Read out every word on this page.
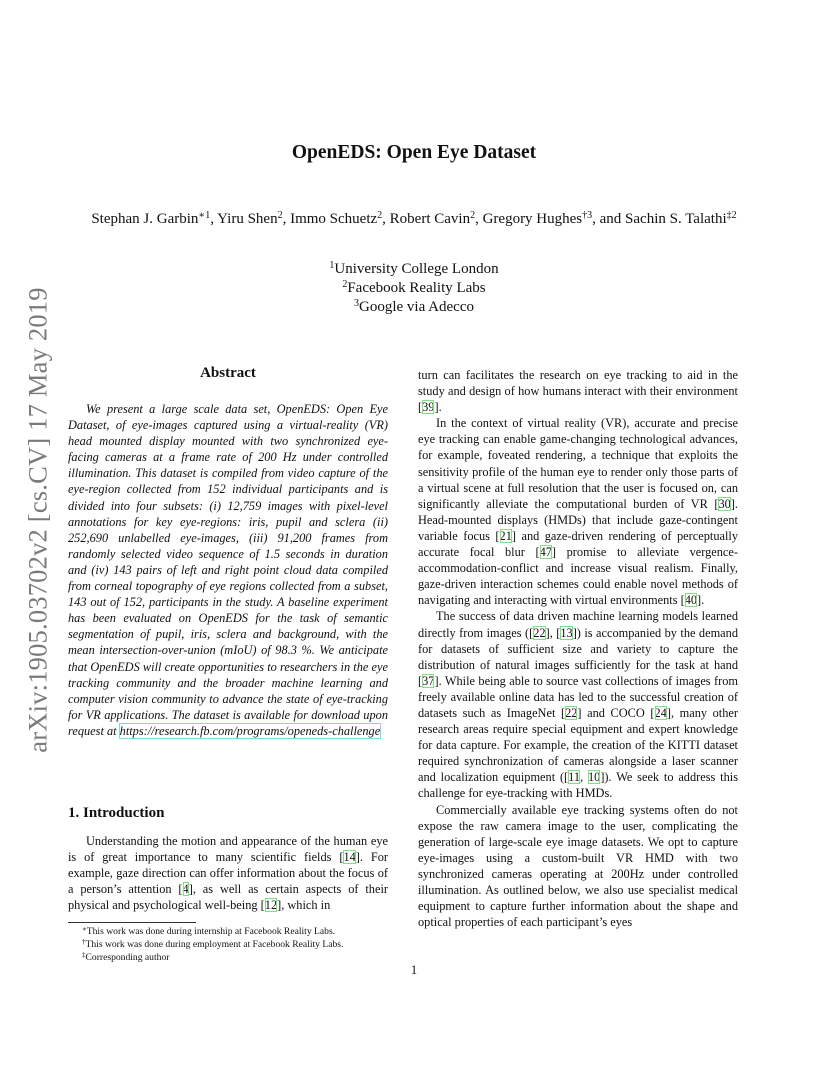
arXiv:1905.03702v2 [cs.CV] 17 May 2019
OpenEDS: Open Eye Dataset

Stephan J. Garbin$^{∗1}$, Yiru Shen$^2$, Immo Schuetz$^2$, Robert Cavin$^2$, Gregory Hughes$^{\dagger 3}$, and Sachin S. Talathi$^{\ddagger 2}$

$^1$University College London
$^2$Facebook Reality Labs
$^3$Google via Adecco
Abstract

We present a large scale data set, OpenEDS: Open Eye Dataset, of eye-images captured using a virtual-reality (VR) head mounted display mounted with two synchronized eye-facing cameras at a frame rate of 200 Hz under controlled illumination. This dataset is compiled from video capture of the eye-region collected from 152 individual participants and is divided into four subsets: (i) 12,759 images with pixel-level annotations for key eye-regions: iris, pupil and sclera (ii) 252,690 unlabelled eye-images, (iii) 91,200 frames from randomly selected video sequence of 1.5 seconds in duration and (iv) 143 pairs of left and right point cloud data compiled from corneal topography of eye regions collected from a subset, 143 out of 152, participants in the study. A baseline experiment has been evaluated on OpenEDS for the task of semantic segmentation of pupil, iris, sclera and background, with the mean intersection-over-union (mIoU) of 98.3 %. We anticipate that OpenEDS will create opportunities to researchers in the eye tracking community and the broader machine learning and computer vision community to advance the state of eye-tracking for VR applications. The dataset is available for download upon request at https://research.fb.com/programs/openeds-challenge

1. Introduction

Understanding the motion and appearance of the human eye is of great importance to many scientific fields [14]. For example, gaze direction can offer information about the focus of a person’s attention [4], as well as certain aspects of their physical and psychological well-being [12], which in

turn can facilitates the research on eye tracking to aid in the study and design of how humans interact with their environment [39].

In the context of virtual reality (VR), accurate and precise eye tracking can enable game-changing technological advances, for example, foveated rendering, a technique that exploits the sensitivity profile of the human eye to render only those parts of a virtual scene at full resolution that the user is focused on, can significantly alleviate the computational burden of VR [30]. Head-mounted displays (HMDs) that include gaze-contingent variable focus [21] and gaze-driven rendering of perceptually accurate focal blur [47] promise to alleviate vergence-accommodation-conflict and increase visual realism. Finally, gaze-driven interaction schemes could enable novel methods of navigating and interacting with virtual environments [40].

The success of data driven machine learning models learned directly from images ([22], [13]) is accompanied by the demand for datasets of sufficient size and variety to capture the distribution of natural images sufficiently for the task at hand [37]. While being able to source vast collections of images from freely available online data has led to the successful creation of datasets such as ImageNet [22] and COCO [24], many other research areas require special equipment and expert knowledge for data capture. For example, the creation of the KITTI dataset required synchronization of cameras alongside a laser scanner and localization equipment ([11, 10]). We seek to address this challenge for eye-tracking with HMDs.

Commercially available eye tracking systems often do not expose the raw camera image to the user, complicating the generation of large-scale eye image datasets. We opt to capture eye-images using a custom-built VR HMD with two synchronized cameras operating at 200Hz under controlled illumination. As outlined below, we also use specialist medical equipment to capture further information about the shape and optical properties of each participant’s eyes

∗This work was done during internship at Facebook Reality Labs.
†This work was done during employment at Facebook Reality Labs.
‡Corresponding author
1
